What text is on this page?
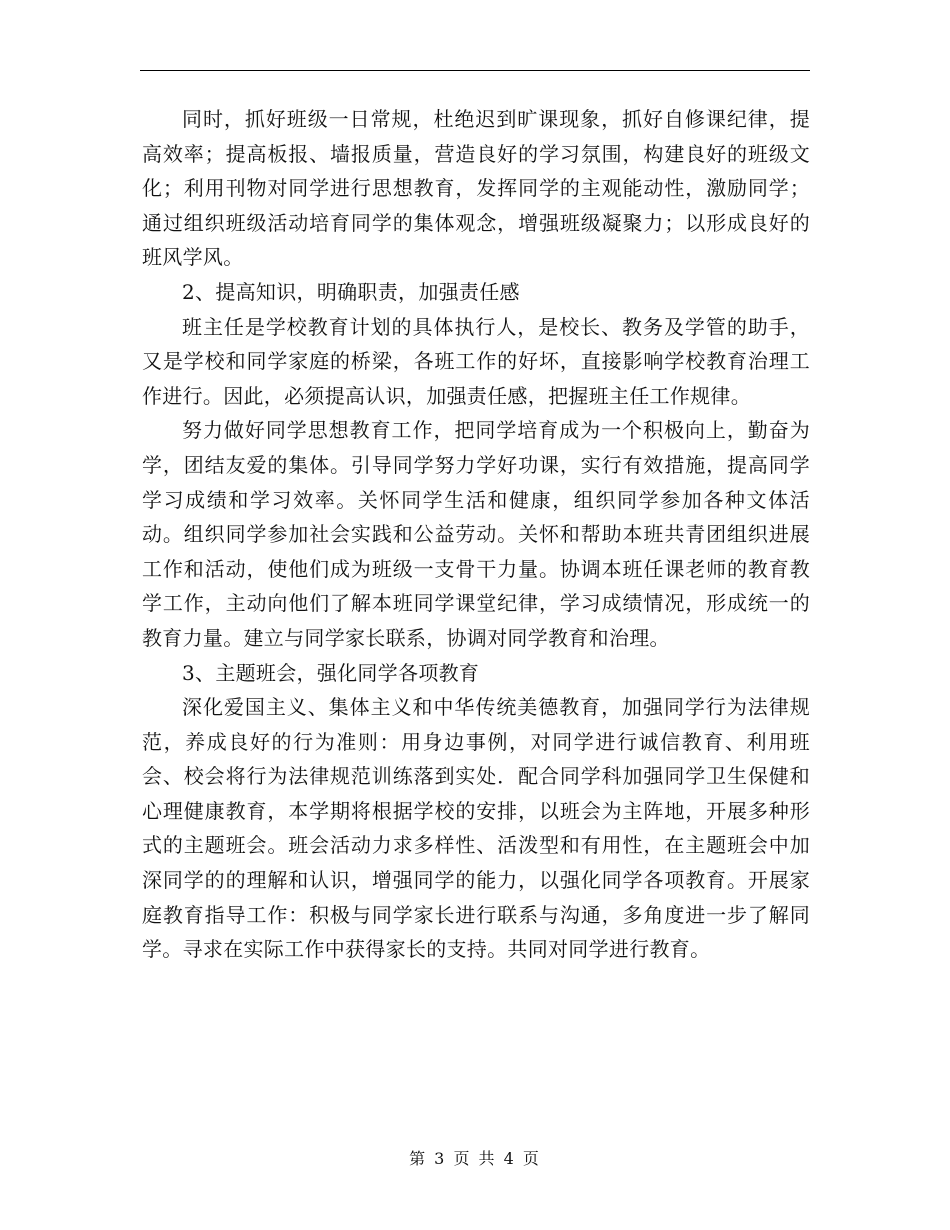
同时，抓好班级一日常规，杜绝迟到旷课现象，抓好自修课纪律，提高效率；提高板报、墙报质量，营造良好的学习氛围，构建良好的班级文化；利用刊物对同学进行思想教育，发挥同学的主观能动性，激励同学；通过组织班级活动培育同学的集体观念，增强班级凝聚力；以形成良好的班风学风。

2、提高知识，明确职责，加强责任感

班主任是学校教育计划的具体执行人，是校长、教务及学管的助手，又是学校和同学家庭的桥梁，各班工作的好坏，直接影响学校教育治理工作进行。因此，必须提高认识，加强责任感，把握班主任工作规律。

努力做好同学思想教育工作，把同学培育成为一个积极向上，勤奋为学，团结友爱的集体。引导同学努力学好功课，实行有效措施，提高同学学习成绩和学习效率。关怀同学生活和健康，组织同学参加各种文体活动。组织同学参加社会实践和公益劳动。关怀和帮助本班共青团组织进展工作和活动，使他们成为班级一支骨干力量。协调本班任课老师的教育教学工作，主动向他们了解本班同学课堂纪律，学习成绩情况，形成统一的教育力量。建立与同学家长联系，协调对同学教育和治理。

3、主题班会，强化同学各项教育

深化爱国主义、集体主义和中华传统美德教育，加强同学行为法律规范，养成良好的行为准则：用身边事例，对同学进行诚信教育、利用班会、校会将行为法律规范训练落到实处．配合同学科加强同学卫生保健和心理健康教育，本学期将根据学校的安排，以班会为主阵地，开展多种形式的主题班会。班会活动力求多样性、活泼型和有用性，在主题班会中加深同学的的理解和认识，增强同学的能力，以强化同学各项教育。开展家庭教育指导工作：积极与同学家长进行联系与沟通，多角度进一步了解同学。寻求在实际工作中获得家长的支持。共同对同学进行教育。

第 3 页 共 4 页
